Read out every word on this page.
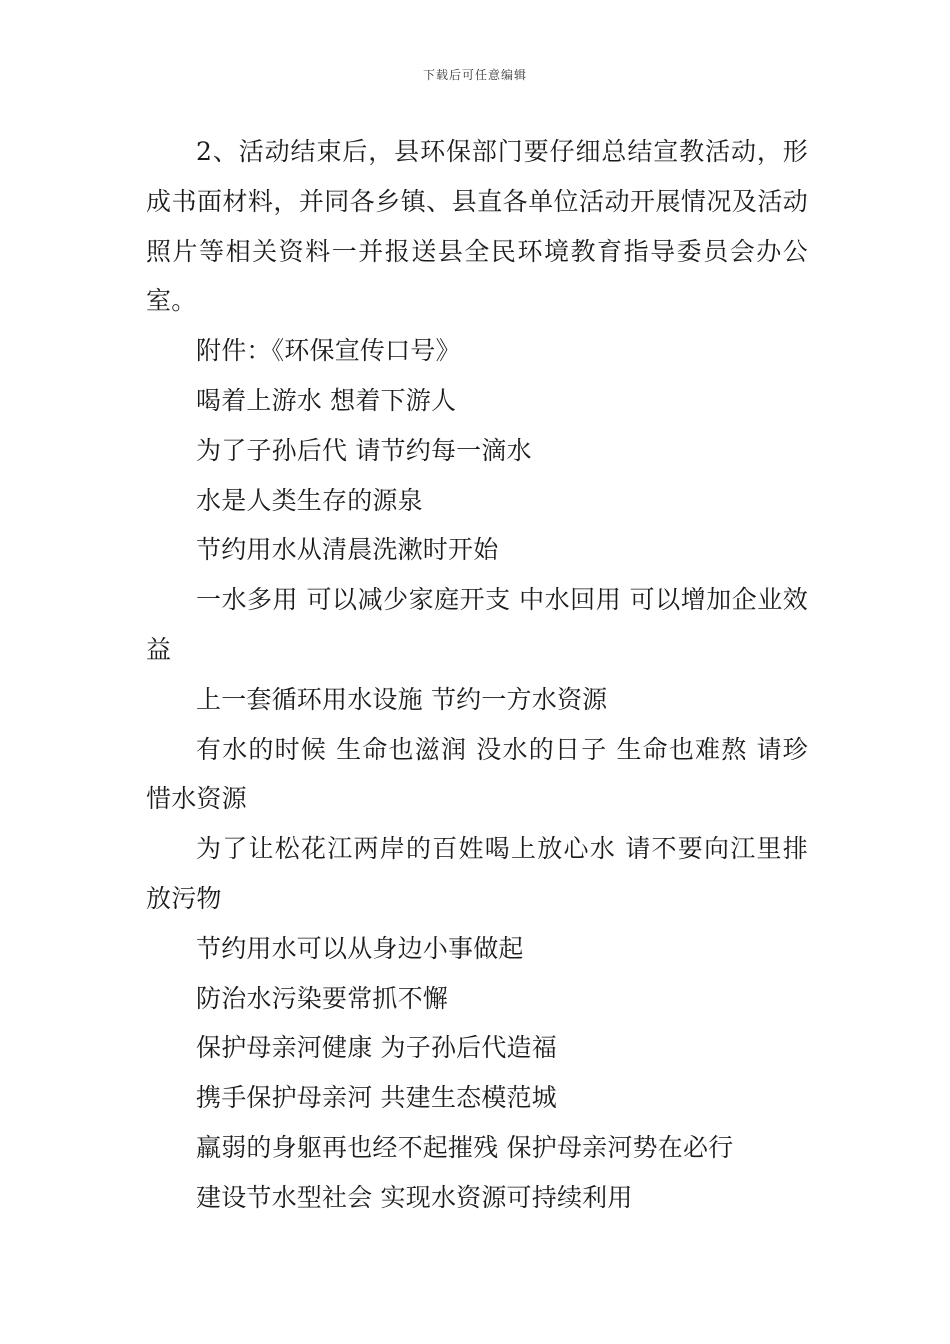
下载后可任意编辑

2、活动结束后，县环保部门要仔细总结宣教活动，形成书面材料，并同各乡镇、县直各单位活动开展情况及活动照片等相关资料一并报送县全民环境教育指导委员会办公室。

附件：《环保宣传口号》

喝着上游水 想着下游人

为了子孙后代 请节约每一滴水

水是人类生存的源泉

节约用水从清晨洗漱时开始

一水多用 可以减少家庭开支 中水回用 可以增加企业效益

上一套循环用水设施 节约一方水资源

有水的时候 生命也滋润 没水的日子 生命也难熬 请珍惜水资源

为了让松花江两岸的百姓喝上放心水 请不要向江里排放污物

节约用水可以从身边小事做起

防治水污染要常抓不懈

保护母亲河健康 为子孙后代造福

携手保护母亲河 共建生态模范城

羸弱的身躯再也经不起摧残 保护母亲河势在必行

建设节水型社会 实现水资源可持续利用
